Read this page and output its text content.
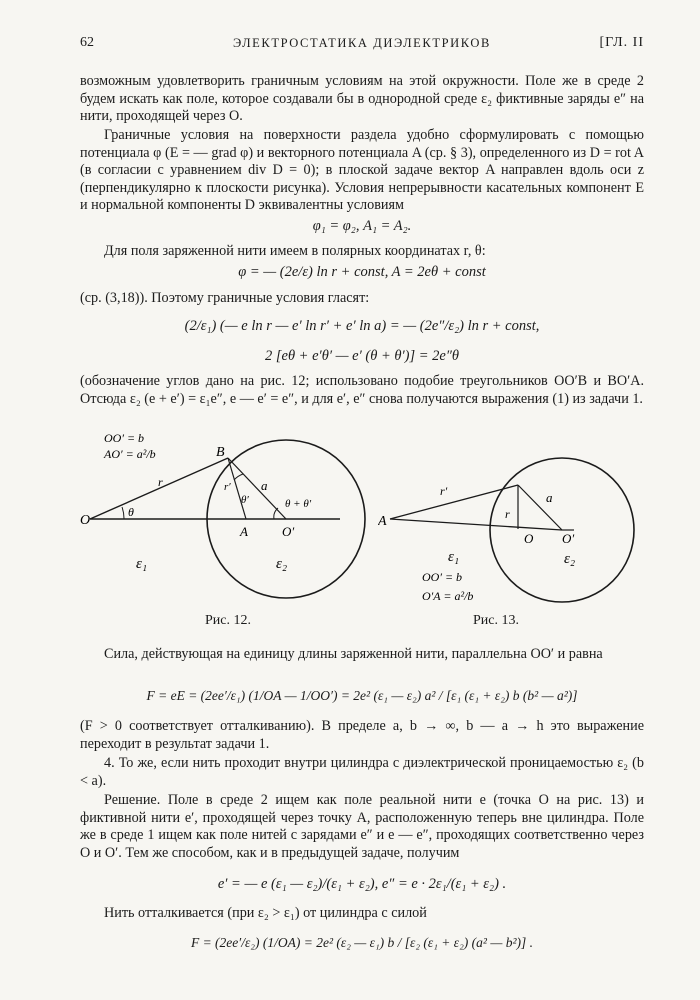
62	ЭЛЕКТРОСТАТИКА ДИЭЛЕКТРИКОВ	[ГЛ. II

возможным удовлетворить граничным условиям на этой окружности. Поле же в среде 2 будем искать как поле, которое создавали бы в однородной среде ε₂ фиктивные заряды e″ на нити, проходящей через O.

Граничные условия на поверхности раздела удобно сформулировать с помощью потенциала φ (E = — grad φ) и векторного потенциала A (ср. § 3), определенного из D = rot A (в согласии с уравнением div D = 0); в плоской задаче вектор A направлен вдоль оси z (перпендикулярно к плоскости рисунка). Условия непрерывности касательных компонент E и нормальной компоненты D эквивалентны условиям

φ₁ = φ₂, A₁ = A₂.

Для поля заряженной нити имеем в полярных координатах r, θ:

φ = — (2e/ε) ln r + const, A = 2eθ + const

(ср. (3,18)). Поэтому граничные условия гласят:

(2/ε₁) (— e ln r — e′ ln r′ + e′ ln a) = — (2e″/ε₂) ln r + const,
2 [eθ + e′θ′ — e′ (θ + θ′)] = 2e″θ

(обозначение углов дано на рис. 12; использовано подобие треугольников OO′B и BO′A. Отсюда ε₂ (e + e′) = ε₁e″, e — e′ = e″, и для e′, e″ снова получаются выражения (1) из задачи 1.

O
B
A	O′
r	r′ a
θ
θ′	θ + θ′
ε₁	ε₂
OO′ = b
AO′ = a²/b
Рис. 12.
A
O O′
r′
r
a
ε₁	ε₂
OO′ = b
O′A = a²/b
Рис. 13.

Сила, действующая на единицу длины заряженной нити, параллельна OO′ и равна

F = eE = (2ee′/ε₁) (1/OA — 1/OO′) = 2e² (ε₁ — ε₂) a² / [ε₁ (ε₁ + ε₂) b (b² — a²)]

(F > 0 соответствует отталкиванию). В пределе a, b → ∞, b — a → h это выражение переходит в результат задачи 1.

4. То же, если нить проходит внутри цилиндра с диэлектрической проницаемостью ε₂ (b < a).

Решение. Поле в среде 2 ищем как поле реальной нити e (точка O на рис. 13) и фиктивной нити e′, проходящей через точку A, расположенную теперь вне цилиндра. Поле же в среде 1 ищем как поле нитей с зарядами e″ и e — e″, проходящих соответственно через O и O′. Тем же способом, как и в предыдущей задаче, получим

e′ = — e (ε₁ — ε₂)/(ε₁ + ε₂), e″ = e · 2ε₁/(ε₁ + ε₂) .

Нить отталкивается (при ε₂ > ε₁) от цилиндра с силой

F = (2ee′/ε₂) (1/OA) = 2e² (ε₂ — ε₁) b / [ε₂ (ε₁ + ε₂) (a² — b²)] .
